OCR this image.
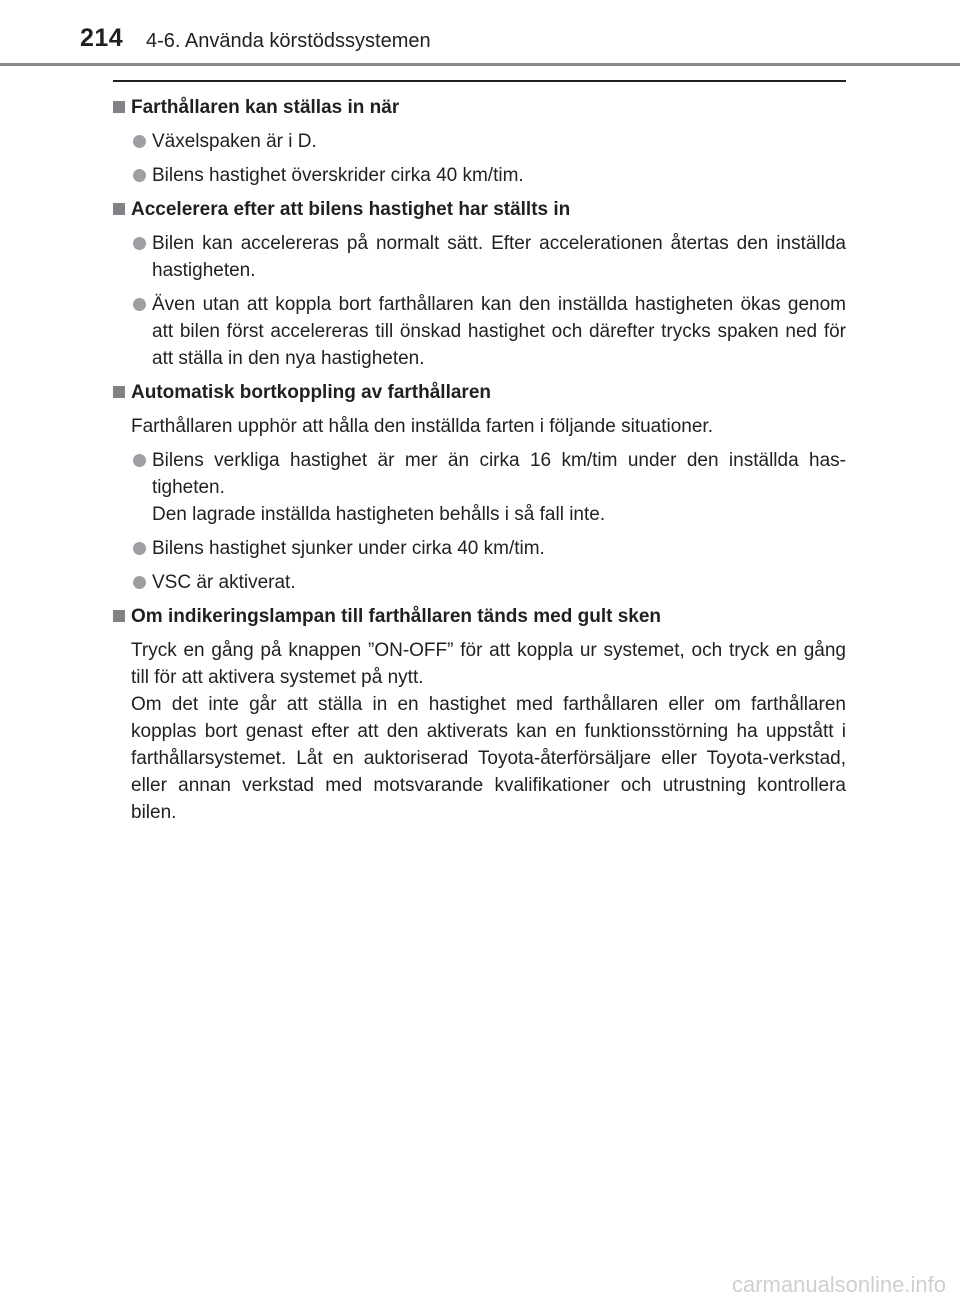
214 4-6. Använda körstödssystemen
Farthållaren kan ställas in när
Växelspaken är i D.
Bilens hastighet överskrider cirka 40 km/tim.
Accelerera efter att bilens hastighet har ställts in
Bilen kan accelereras på normalt sätt. Efter accelerationen återtas den inställda hastigheten.
Även utan att koppla bort farthållaren kan den inställda hastigheten ökas genom att bilen först accelereras till önskad hastighet och därefter trycks spaken ned för att ställa in den nya hastigheten.
Automatisk bortkoppling av farthållaren
Farthållaren upphör att hålla den inställda farten i följande situationer.
Bilens verkliga hastighet är mer än cirka 16 km/tim under den inställda has-tigheten.
Den lagrade inställda hastigheten behålls i så fall inte.
Bilens hastighet sjunker under cirka 40 km/tim.
VSC är aktiverat.
Om indikeringslampan till farthållaren tänds med gult sken
Tryck en gång på knappen ”ON-OFF” för att koppla ur systemet, och tryck en gång till för att aktivera systemet på nytt.
Om det inte går att ställa in en hastighet med farthållaren eller om farthållaren kopplas bort genast efter att den aktiverats kan en funktionsstörning ha uppstått i farthållarsystemet. Låt en auktoriserad Toyota-återförsäljare eller Toyota-verkstad, eller annan verkstad med motsvarande kvalifikationer och utrustning kontrollera bilen.
carmanualsonline.info
